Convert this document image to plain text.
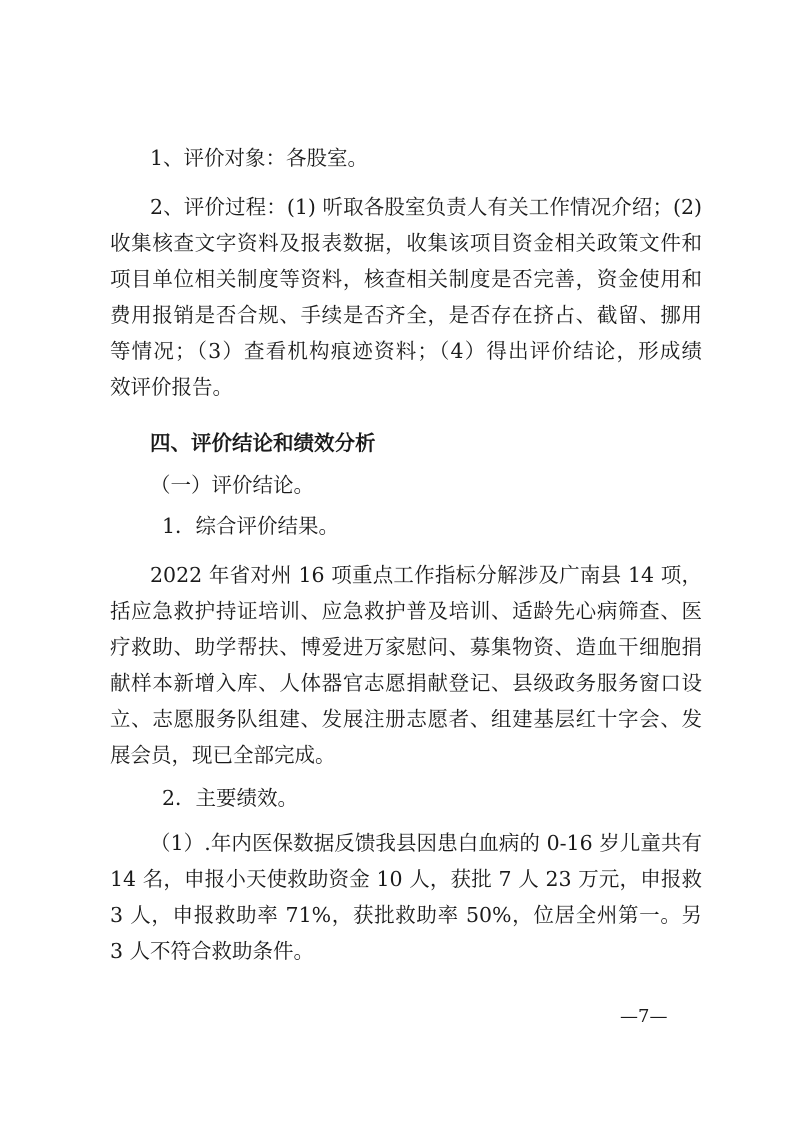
1、评价对象：各股室。
2、评价过程：(1) 听取各股室负责人有关工作情况介绍；(2)
收集核查文字资料及报表数据，收集该项目资金相关政策文件和
项目单位相关制度等资料，核查相关制度是否完善，资金使用和
费用报销是否合规、手续是否齐全，是否存在挤占、截留、挪用
等情况；（3）查看机构痕迹资料；（4）得出评价结论，形成绩
效评价报告。
四、评价结论和绩效分析
（一）评价结论。
1．综合评价结果。
2022 年省对州 16 项重点工作指标分解涉及广南县 14 项，
括应急救护持证培训、应急救护普及培训、适龄先心病筛查、医
疗救助、助学帮扶、博爱进万家慰问、募集物资、造血干细胞捐
献样本新增入库、人体器官志愿捐献登记、县级政务服务窗口设
立、志愿服务队组建、发展注册志愿者、组建基层红十字会、发
展会员，现已全部完成。
2．主要绩效。
（1）.年内医保数据反馈我县因患白血病的 0-16 岁儿童共有
14 名，申报小天使救助资金 10 人，获批 7 人 23 万元，申报救
3 人，申报救助率 71%，获批救助率 50%，位居全州第一。另
3 人不符合救助条件。
—7—
